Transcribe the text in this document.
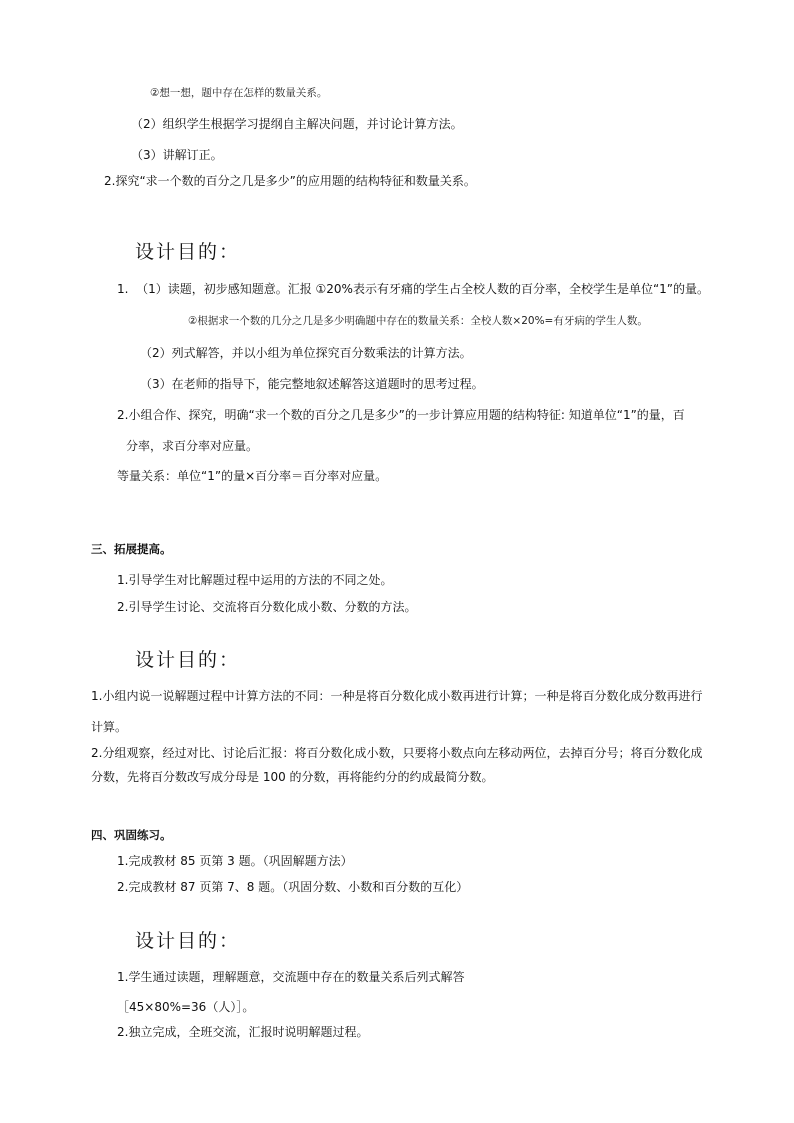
②想一想，题中存在怎样的数量关系。
（2）组织学生根据学习提纲自主解决问题，并讨论计算方法。
（3）讲解订正。
2.探究“求一个数的百分之几是多少”的应用题的结构特征和数量关系。
设计目的：
1.  （1）读题，初步感知题意。汇报 ①20%表示有牙痛的学生占全校人数的百分率，全校学生是单位“1”的量。
②根据求一个数的几分之几是多少明确题中存在的数量关系：全校人数×20%=有牙病的学生人数。
（2）列式解答，并以小组为单位探究百分数乘法的计算方法。
（3）在老师的指导下，能完整地叙述解答这道题时的思考过程。
2.小组合作、探究，明确“求一个数的百分之几是多少”的一步计算应用题的结构特征: 知道单位“1”的量，百
分率，求百分率对应量。
等量关系：单位“1”的量×百分率＝百分率对应量。
三、拓展提高。
1.引导学生对比解题过程中运用的方法的不同之处。
2.引导学生讨论、交流将百分数化成小数、分数的方法。
设计目的：
1.小组内说一说解题过程中计算方法的不同：一种是将百分数化成小数再进行计算；一种是将百分数化成分数再进行
计算。
2.分组观察，经过对比、讨论后汇报：将百分数化成小数，只要将小数点向左移动两位，去掉百分号；将百分数化成
分数，先将百分数改写成分母是 100 的分数，再将能约分的约成最简分数。
四、巩固练习。
1.完成教材 85 页第 3 题。（巩固解题方法）
2.完成教材 87 页第 7、8 题。（巩固分数、小数和百分数的互化）
设计目的：
1.学生通过读题，理解题意，交流题中存在的数量关系后列式解答
［45×80%=36（人）］。
2.独立完成，全班交流，汇报时说明解题过程。
